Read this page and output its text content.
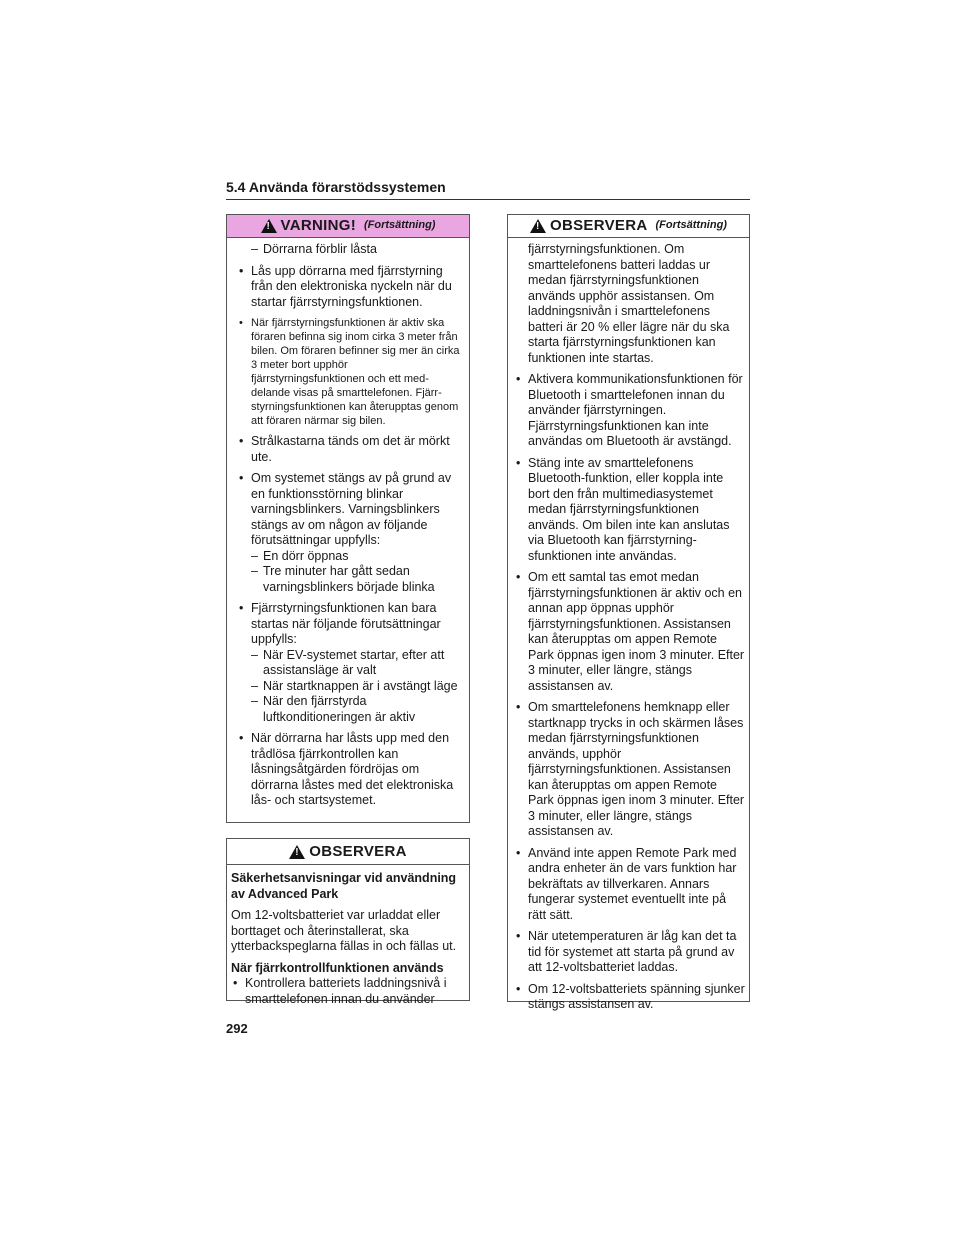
5.4 Använda förarstödssystemen
! VARNING! (Fortsättning)
– Dörrarna förblir låsta
• Lås upp dörrarna med fjärrstyrning från den elektroniska nyckeln när du startar fjärrstyrningsfunktionen.
• När fjärrstyrningsfunktionen är aktiv ska föraren befinna sig inom cirka 3 meter från bilen. Om föraren befinner sig mer än cirka 3 meter bort upphör fjärrstyrningsfunktionen och ett med-delande visas på smarttelefonen. Fjärr-styrningsfunktionen kan återupptas genom att föraren närmar sig bilen.
• Strålkastarna tänds om det är mörkt ute.
• Om systemet stängs av på grund av en funktionsstörning blinkar varningsblinkers. Varningsblinkers stängs av om någon av följande förutsättningar uppfylls:
– En dörr öppnas
– Tre minuter har gått sedan varningsblinkers började blinka
• Fjärrstyrningsfunktionen kan bara startas när följande förutsättningar uppfylls:
– När EV-systemet startar, efter att assistansläge är valt
– När startknappen är i avstängt läge
– När den fjärrstyrda luftkonditioneringen är aktiv
• När dörrarna har låsts upp med den trådlösa fjärrkontrollen kan låsningsåtgärden fördröjas om dörrarna låstes med det elektroniska lås- och startsystemet.
! OBSERVERA

Säkerhetsanvisningar vid användning av Advanced Park

Om 12-voltsbatteriet var urladdat eller borttaget och återinstallerat, ska ytterbackspeglarna fällas in och fällas ut.

När fjärrkontrollfunktionen används

• Kontrollera batteriets laddningsnivå i smarttelefonen innan du använder
! OBSERVERA (Fortsättning)

fjärrstyrningsfunktionen. Om smarttelefonens batteri laddas ur medan fjärrstyrningsfunktionen används upphör assistansen. Om laddningsnivån i smarttelefonens batteri är 20 % eller lägre när du ska starta fjärrstyrningsfunktionen kan funktionen inte startas.

• Aktivera kommunikationsfunktionen för Bluetooth i smarttelefonen innan du använder fjärrstyrningen. Fjärrstyrningsfunktionen kan inte användas om Bluetooth är avstängd.
• Stäng inte av smarttelefonens Bluetooth-funktion, eller koppla inte bort den från multimediasystemet medan fjärrstyrningsfunktionen används. Om bilen inte kan anslutas via Bluetooth kan fjärrstyrning-sfunktionen inte användas.
• Om ett samtal tas emot medan fjärrstyrningsfunktionen är aktiv och en annan app öppnas upphör fjärrstyrningsfunktionen. Assistansen kan återupptas om appen Remote Park öppnas igen inom 3 minuter. Efter 3 minuter, eller längre, stängs assistansen av.
• Om smarttelefonens hemknapp eller startknapp trycks in och skärmen låses medan fjärrstyrningsfunktionen används, upphör fjärrstyrningsfunktionen. Assistansen kan återupptas om appen Remote Park öppnas igen inom 3 minuter. Efter 3 minuter, eller längre, stängs assistansen av.
• Använd inte appen Remote Park med andra enheter än de vars funktion har bekräftats av tillverkaren. Annars fungerar systemet eventuellt inte på rätt sätt.
• När utetemperaturen är låg kan det ta tid för systemet att starta på grund av att 12-voltsbatteriet laddas.
• Om 12-voltsbatteriets spänning sjunker stängs assistansen av.
292
